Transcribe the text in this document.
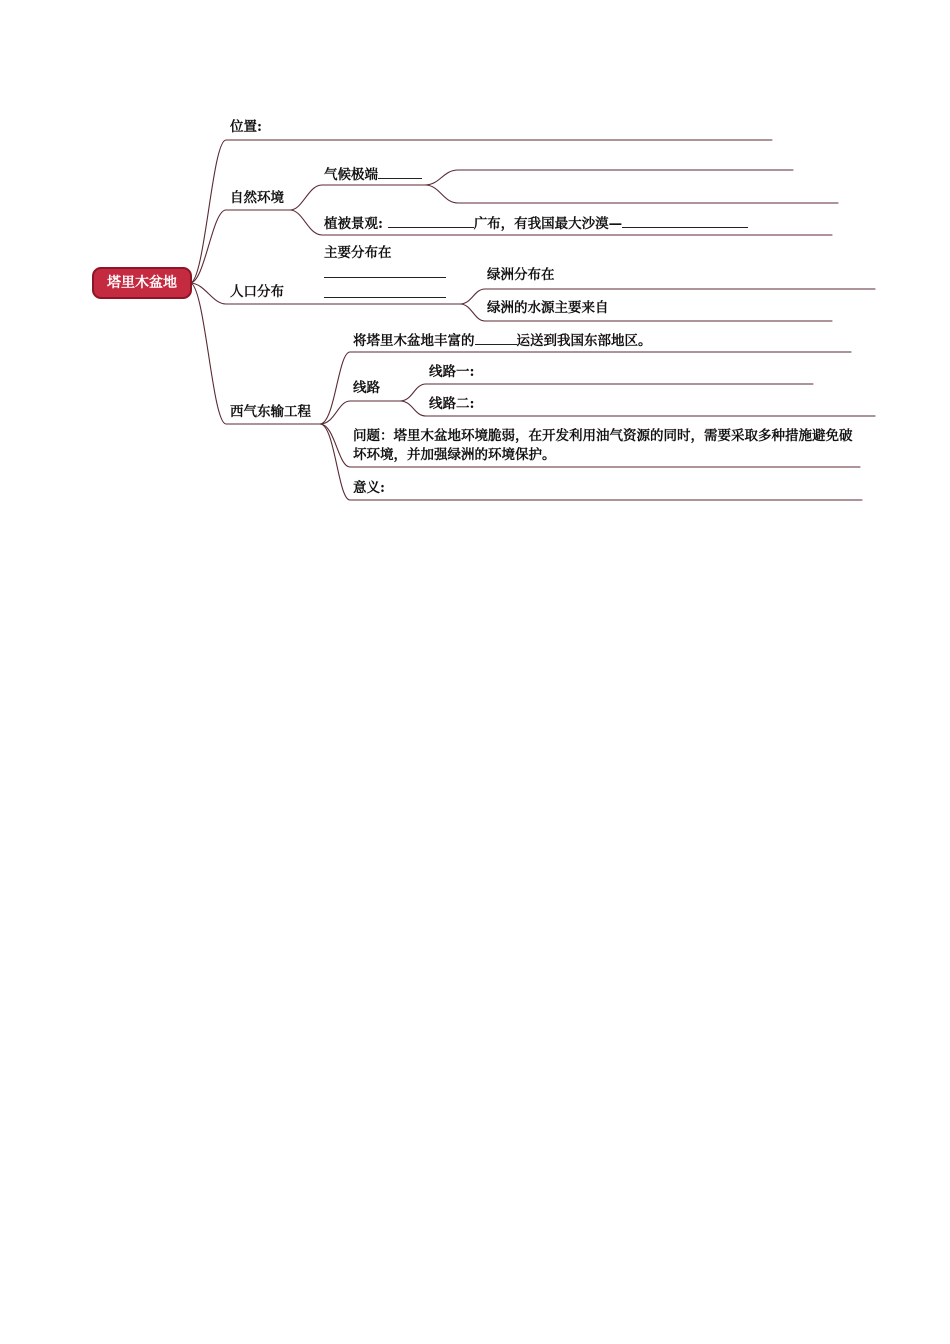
塔里木盆地
位置:
自然环境
气候极端
植被景观:	广布，有我国最大沙漠—
人口分布
主要分布在
绿洲分布在
绿洲的水源主要来自
西气东输工程
将塔里木盆地丰富的	运送到我国东部地区。
线路
线路一:
线路二:
问题：塔里木盆地环境脆弱，在开发利用油气资源的同时，需要采取多种措施避免破坏环境，并加强绿洲的环境保护。
意义:
